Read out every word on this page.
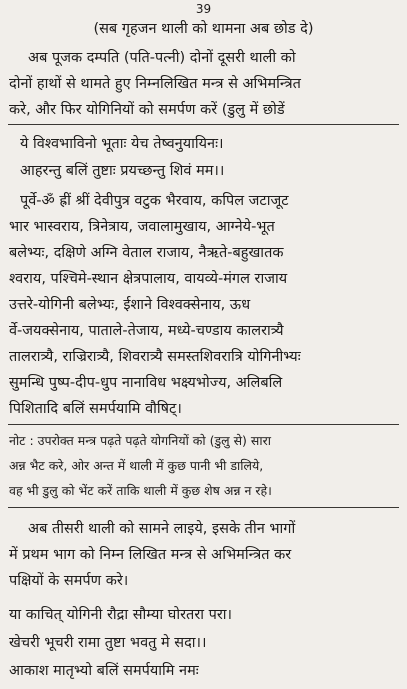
39
(सब गृहजन थाली को थामना अब छोड दे)
अब पूजक दम्पति (पति-पत्नी) दोनों दूसरी थाली को
दोनों हाथों से थामते हुए निम्नलिखित मन्त्र से अभिमन्त्रित
करे, और फिर योगिनियों को समर्पण करें (डुलु में छोडें
ये विश्वभाविनो भूताः येच तेष्वनुयायिनः।
आहरन्तु बलिं तुष्टाः प्रयच्छन्तु शिवं मम।।
पूर्वे-ॐ ह्रीं श्रीं देवीपुत्र वटुक भैरवाय, कपिल जटाजूट
भार भास्वराय, त्रिनेत्राय, जवालामुखाय, आग्नेये-भूत
बलेभ्यः, दक्षिणे अग्नि वेताल राजाय, नैऋते-बहुखातक
श्वराय, पश्चिमे-स्थान क्षेत्रपालाय, वायव्ये-मंगल राजाय
उत्तरे-योगिनी बलेभ्यः, ईशाने विश्वक्सेनाय, ऊध
र्वे-जयक्सेनाय, पाताले-तेजाय, मध्ये-चण्डाय कालरात्र्यै
तालरात्र्यै, राज्रिरात्र्यै, शिवरात्र्यै समस्तशिवरात्रि योगिनीभ्यः
सुमन्धि पुष्प-दीप-धुप नानाविध भक्ष्यभोज्य, अलिबलि
पिशितादि बलिं समर्पयामि वौषिट्।
नोट : उपरोक्त मन्त्र पढ़ते पढ़ते योगनियों को (डुलु से) सारा
अन्न भैट करे, ओर अन्त में थाली में कुछ पानी भी डालिये,
वह भी डुलु को भेंट करें ताकि थाली में कुछ शेष अन्न न रहे।
अब तीसरी थाली को सामने लाइये, इसके तीन भागों
में प्रथम भाग को निम्न लिखित मन्त्र से अभिमन्त्रित कर
पक्षियों के समर्पण करे।
या काचित् योगिनी रौद्रा सौम्या घोरतरा परा।
खेचरी भूचरी रामा तुष्टा भवतु मे सदा।।
आकाश मातृभ्यो बलिं समर्पयामि नमः
